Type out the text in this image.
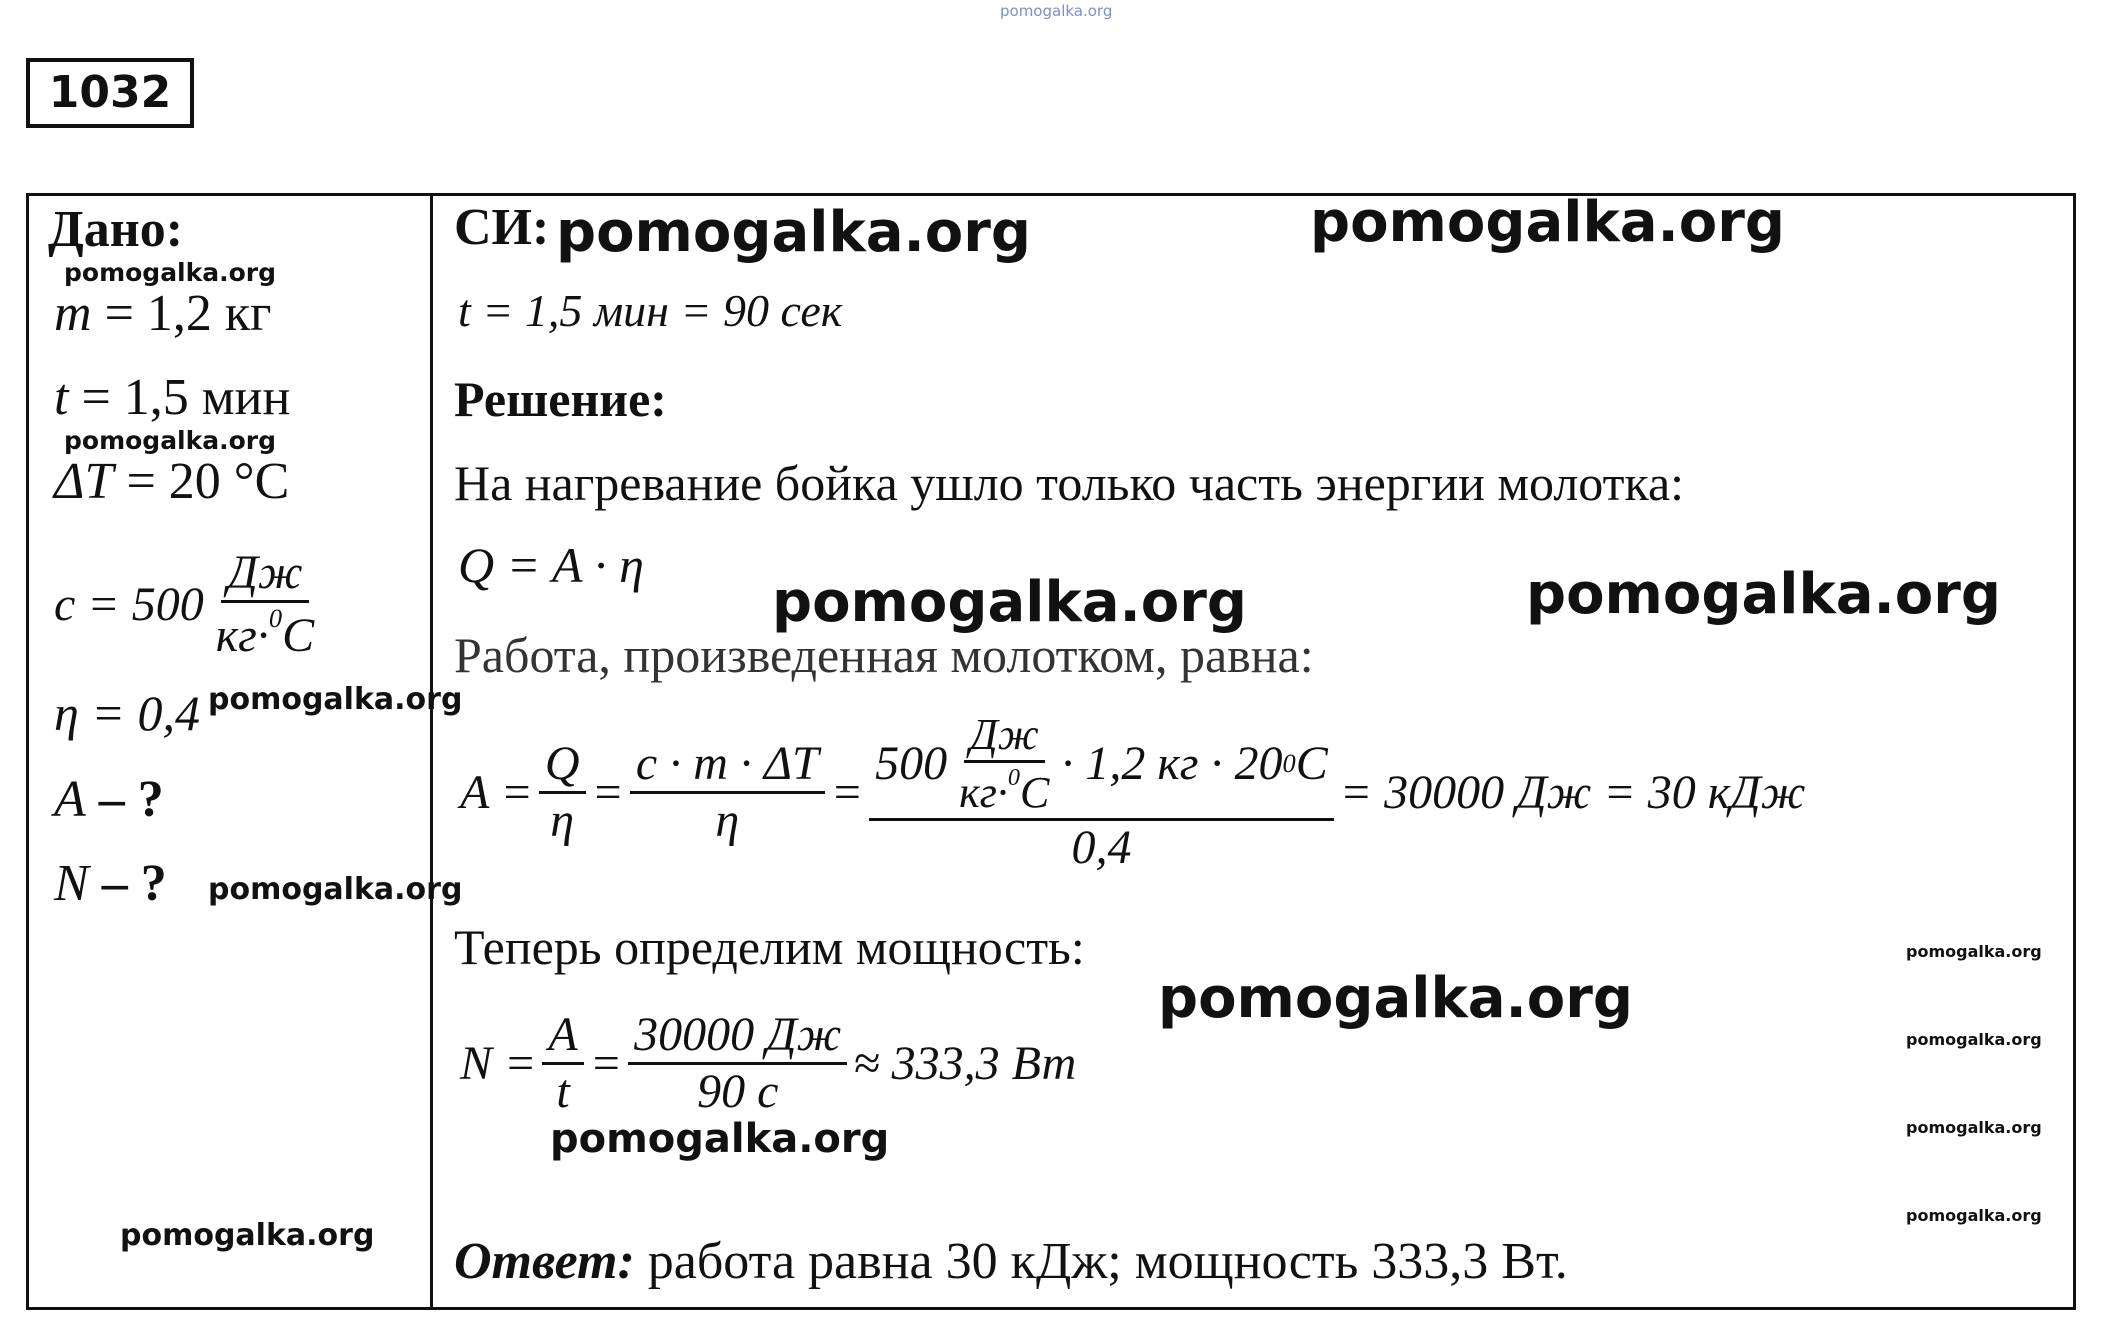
pomogalka.org
1032
Дано:
pomogalka.org
m = 1,2 кг
t = 1,5 мин
pomogalka.org
ΔT = 20 °C
$c = 500 \frac{Дж}{кг\cdot^0C}$
η = 0,4 pomogalka.org
A – ?
N – ? pomogalka.org
pomogalka.org
СИ: pomogalka.org	pomogalka.org
t = 1,5 мин = 90 сек
Решение:
На нагревание бойка ушло только часть энергии молотка:
Q = A · η
pomogalka.org	pomogalka.org
Работа, произведенная молотком, равна:
$A = \frac{Q}{\eta} = \frac{c \cdot m \cdot \Delta T}{\eta}$ =
$500 \frac{Дж}{кг\cdot^0C} \cdot 1,2$ кг · 20 0 C
0,4
= 30000 Дж = 30 кДж
Теперь определим мощность:	pomogalka.org
pomogalka.org
$N = \frac{A}{t} = \frac{30000 Дж}{90 с} \approx 333,3$ Вт	pomogalka.org
pomogalka.org	pomogalka.org
pomogalka.org
Ответ: работа равна 30 кДж; мощность 333,3 Вт.
